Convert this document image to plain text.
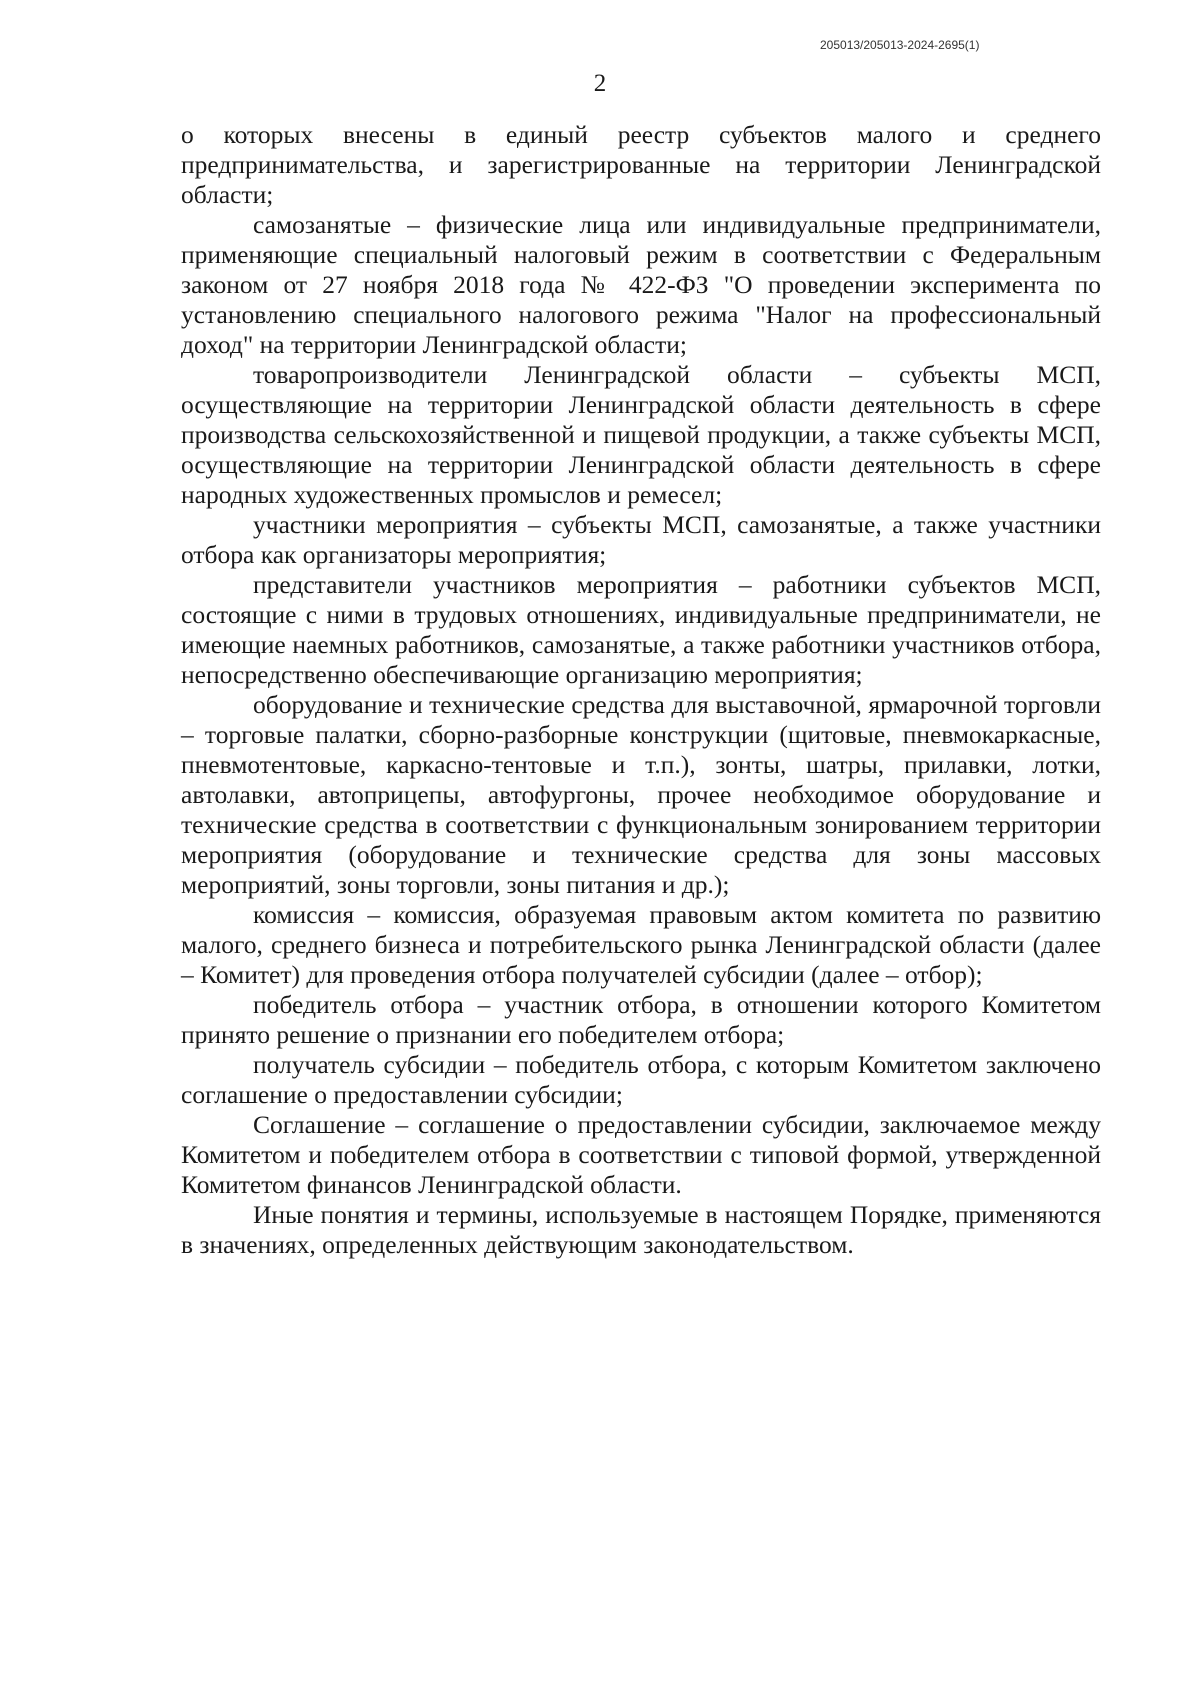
205013/205013-2024-2695(1)
2

о которых внесены в единый реестр субъектов малого и среднего предпринимательства, и зарегистрированные на территории Ленинградской области;

самозанятые – физические лица или индивидуальные предприниматели, применяющие специальный налоговый режим в соответствии с Федеральным законом от 27 ноября 2018 года № 422-ФЗ "О проведении эксперимента по установлению специального налогового режима "Налог на профессиональный доход" на территории Ленинградской области;

товаропроизводители Ленинградской области – субъекты МСП, осуществляющие на территории Ленинградской области деятельность в сфере производства сельскохозяйственной и пищевой продукции, а также субъекты МСП, осуществляющие на территории Ленинградской области деятельность в сфере народных художественных промыслов и ремесел;

участники мероприятия – субъекты МСП, самозанятые, а также участники отбора как организаторы мероприятия;

представители участников мероприятия – работники субъектов МСП, состоящие с ними в трудовых отношениях, индивидуальные предприниматели, не имеющие наемных работников, самозанятые, а также работники участников отбора, непосредственно обеспечивающие организацию мероприятия;

оборудование и технические средства для выставочной, ярмарочной торговли – торговые палатки, сборно-разборные конструкции (щитовые, пневмокаркасные, пневмотентовые, каркасно-тентовые и т.п.), зонты, шатры, прилавки, лотки, автолавки, автоприцепы, автофургоны, прочее необходимое оборудование и технические средства в соответствии с функциональным зонированием территории мероприятия (оборудование и технические средства для зоны массовых мероприятий, зоны торговли, зоны питания и др.);

комиссия – комиссия, образуемая правовым актом комитета по развитию малого, среднего бизнеса и потребительского рынка Ленинградской области (далее – Комитет) для проведения отбора получателей субсидии (далее – отбор);

победитель отбора – участник отбора, в отношении которого Комитетом принято решение о признании его победителем отбора;

получатель субсидии – победитель отбора, с которым Комитетом заключено соглашение о предоставлении субсидии;

Соглашение – соглашение о предоставлении субсидии, заключаемое между Комитетом и победителем отбора в соответствии с типовой формой, утвержденной Комитетом финансов Ленинградской области.

Иные понятия и термины, используемые в настоящем Порядке, применяются в значениях, определенных действующим законодательством.
